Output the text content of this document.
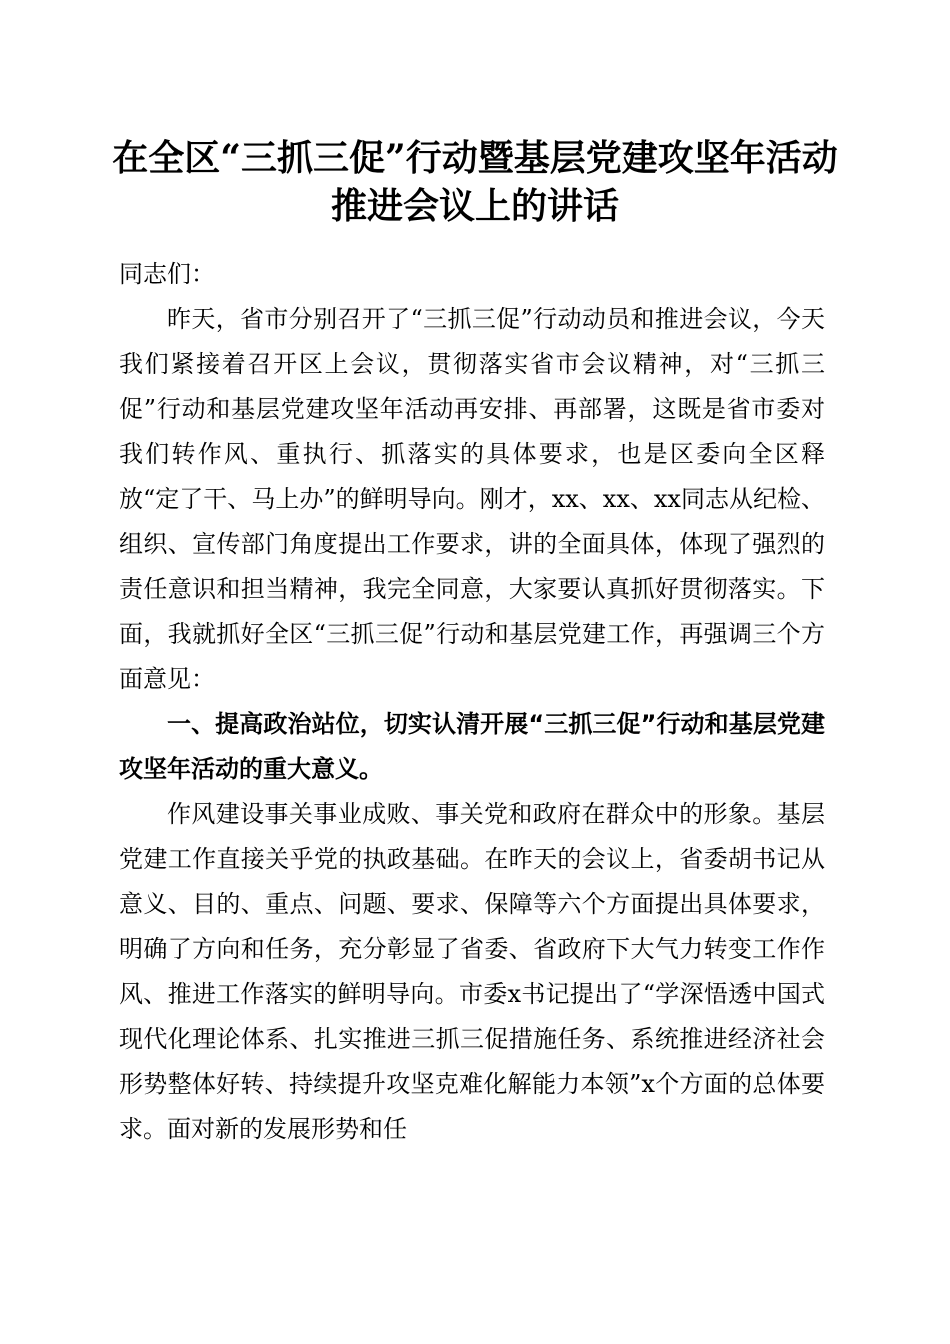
在全区“三抓三促”行动暨基层党建攻坚年活动推进会议上的讲话

同志们：

昨天，省市分别召开了“三抓三促”行动动员和推进会议，今天我们紧接着召开区上会议，贯彻落实省市会议精神，对“三抓三促”行动和基层党建攻坚年活动再安排、再部署，这既是省市委对我们转作风、重执行、抓落实的具体要求，也是区委向全区释放“定了干、马上办”的鲜明导向。刚才，xx、xx、xx同志从纪检、组织、宣传部门角度提出工作要求，讲的全面具体，体现了强烈的责任意识和担当精神，我完全同意，大家要认真抓好贯彻落实。下面，我就抓好全区“三抓三促”行动和基层党建工作，再强调三个方面意见：

一、提高政治站位，切实认清开展“三抓三促”行动和基层党建攻坚年活动的重大意义。

作风建设事关事业成败、事关党和政府在群众中的形象。基层党建工作直接关乎党的执政基础。在昨天的会议上，省委胡书记从意义、目的、重点、问题、要求、保障等六个方面提出具体要求，明确了方向和任务，充分彰显了省委、省政府下大气力转变工作作风、推进工作落实的鲜明导向。市委x书记提出了“学深悟透中国式现代化理论体系、扎实推进三抓三促措施任务、系统推进经济社会形势整体好转、持续提升攻坚克难化解能力本领”x个方面的总体要求。面对新的发展形势和任
